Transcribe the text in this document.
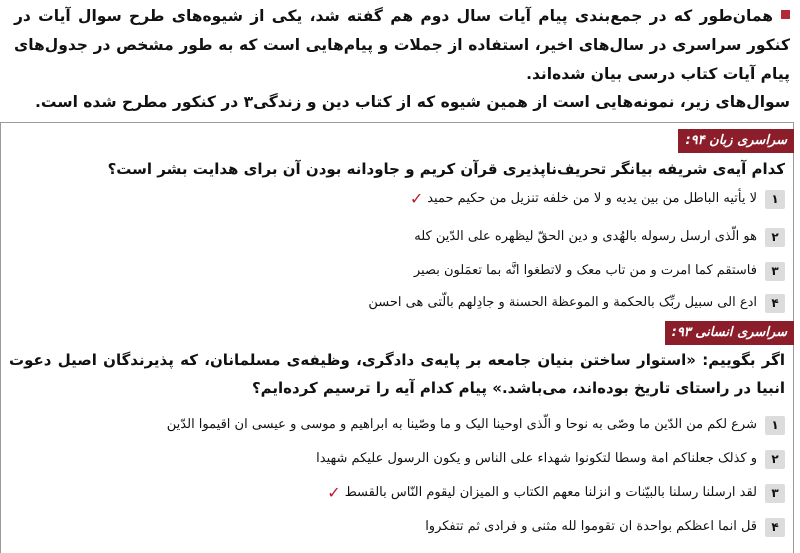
همان‌طور که در جمع‌بندی پیام آیات سال دوم هم گفته شد، یکی از شیوه‌های طرح سوال آیات در کنکور سراسری در سال‌های اخیر، استفاده از جملات و پیام‌هایی است که به طور مشخص در جدول‌های پیام آیات کتاب درسی بیان شده‌اند.
سوال‌های زیر، نمونه‌هایی است از همین شیوه که از کتاب دین و زندگی۳ در کنکور مطرح شده است.
سراسری زبان ۹۴:
کدام آیه‌ی شریفه بیانگر تحریف‌ناپذیری قرآن کریم و جاودانه بودن آن برای هدایت بشر است؟
۱
لا یأتیه الباطل من بین یدیه و لا من خلفه تنزیل من حکیم حمید
✓
۲
هو الّذی ارسل رسوله بالهُدی و دین الحقّ لیظهره علی الدّین کله
۳
فاستقم کما امرت و من تاب معک و لاتطغوا انَّه بما تعمَلون بصیر
۴
ادع الی سبیل ربِّک بالحکمة و الموعظة الحسنة و جادِلهم بالّتی هی احسن
سراسری انسانی ۹۳:
اگر بگوییم: «استوار ساختن بنیان جامعه بر پایه‌ی دادگری، وظیفه‌ی مسلمانان، که پذیرندگان اصیل دعوت انبیا در راستای تاریخ بوده‌اند، می‌باشد.» پیام کدام آیه را ترسیم کرده‌ایم؟
۱
شرع لکم من الدّین ما وصّی به نوحا و الّذی اوحینا الیک و ما وصّینا به ابراهیم و موسی و عیسی ان اقیموا الدّین
۲
و کذلک جعلناکم امة وسطا لتکونوا شهداء علی الناس و یکون الرسول علیکم شهیدا
۳
لقد ارسلنا رسلنا بالبیّنات و انزلنا معهم الکتاب و المیزان لیقوم النّاس بالقسط
✓
۴
قل انما اعظکم بواحدة ان تقوموا لله مثنی و فرادی ثم تتفکروا
